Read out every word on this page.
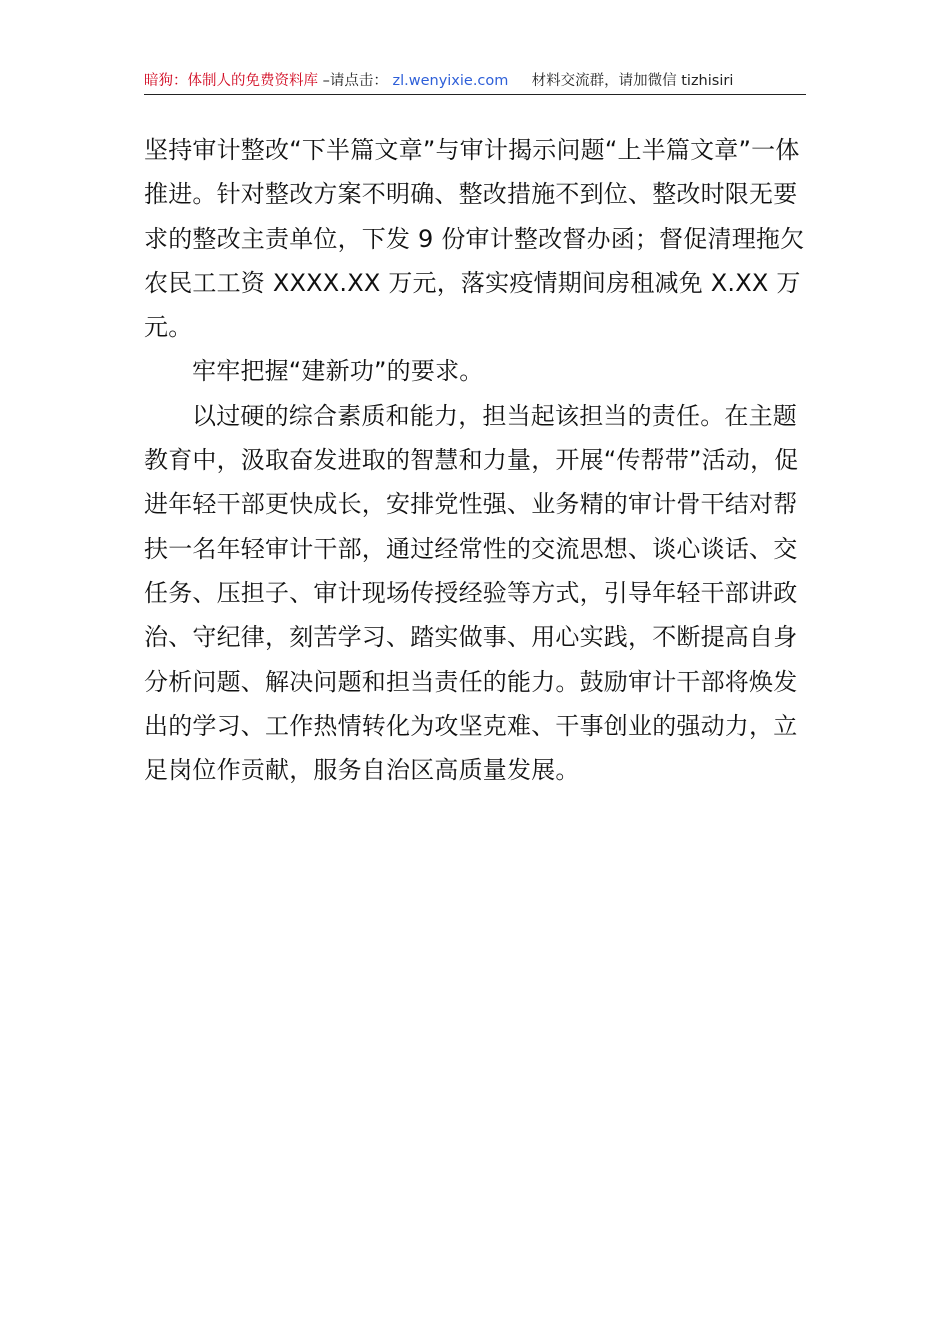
暗狗：体制人的免费资料库 –请点击： zl.wenyixie.com 材料交流群，请加微信 tizhisiri

坚持审计整改“下半篇文章”与审计揭示问题“上半篇文章”一体推进。针对整改方案不明确、整改措施不到位、整改时限无要求的整改主责单位，下发 9 份审计整改督办函；督促清理拖欠农民工工资 XXXX.XX 万元，落实疫情期间房租减免 X.XX 万元。

牢牢把握“建新功”的要求。

以过硬的综合素质和能力，担当起该担当的责任。在主题教育中，汲取奋发进取的智慧和力量，开展“传帮带”活动，促进年轻干部更快成长，安排党性强、业务精的审计骨干结对帮扶一名年轻审计干部，通过经常性的交流思想、谈心谈话、交任务、压担子、审计现场传授经验等方式，引导年轻干部讲政治、守纪律，刻苦学习、踏实做事、用心实践，不断提高自身分析问题、解决问题和担当责任的能力。鼓励审计干部将焕发出的学习、工作热情转化为攻坚克难、干事创业的强动力，立足岗位作贡献，服务自治区高质量发展。
